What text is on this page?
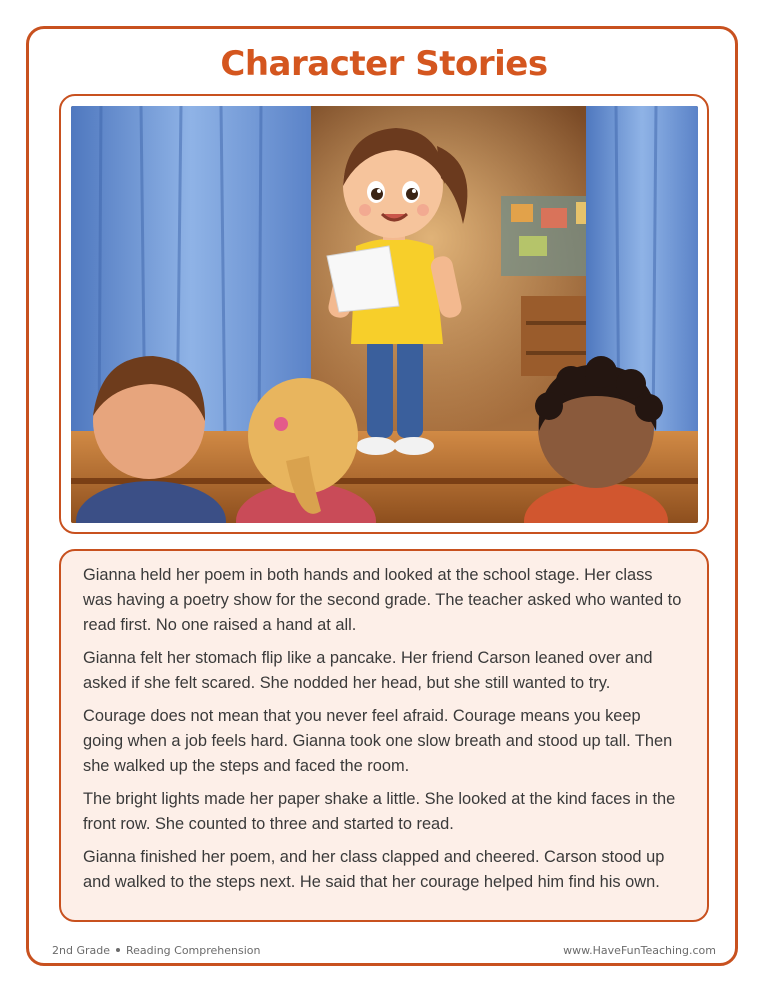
Character Stories

Gianna held her poem in both hands and looked at the school stage. Her class was having a poetry show for the second grade. The teacher asked who wanted to read first. No one raised a hand at all.

Gianna felt her stomach flip like a pancake. Her friend Carson leaned over and asked if she felt scared. She nodded her head, but she still wanted to try.

Courage does not mean that you never feel afraid. Courage means you keep going when a job feels hard. Gianna took one slow breath and stood up tall. Then she walked up the steps and faced the room.

The bright lights made her paper shake a little. She looked at the kind faces in the front row. She counted to three and started to read.

Gianna finished her poem, and her class clapped and cheered. Carson stood up and walked to the steps next. He said that her courage helped him find his own.

2nd Grade Reading Comprehension	www.HaveFunTeaching.com
